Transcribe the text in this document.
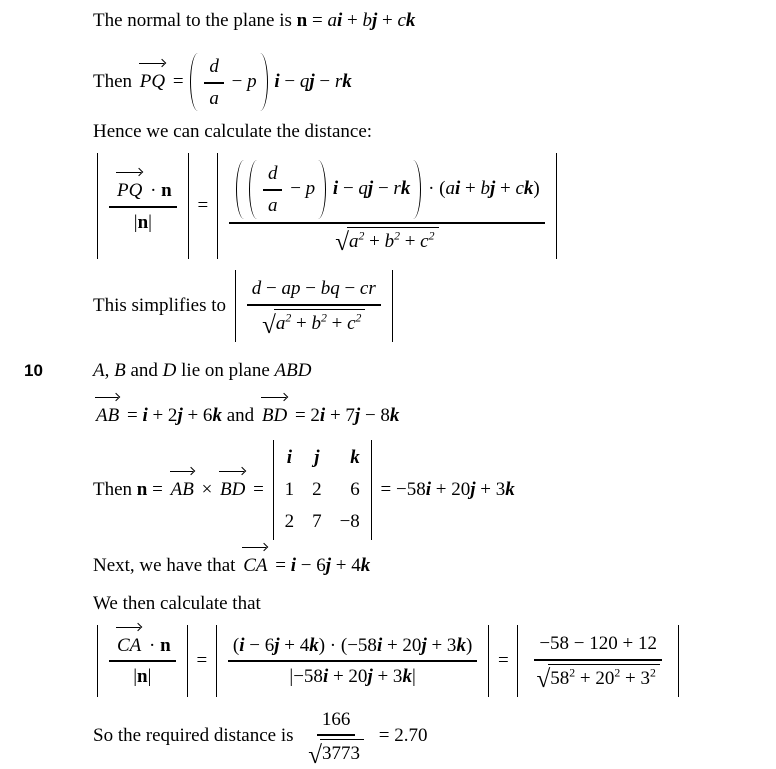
The normal to the plane is n = a i + b j + c k
Then PQ = $\frac{d}{a} - p$
i − q j − r k
Hence we can calculate the distance:
$\frac{PQ \cdot n}{| n |} = \frac{d}{a} - p$
i − q j − r k · ( a i + b j + c k )
√ $a^2 + b^2 + c^2$
This simplifies to $\frac{d - ap - bq - cr}{√ a^2 + b^2 + c^2}$
10	A , B and D lie on plane ABD
AB = i + 2 j + 6 k and BD = 2 i + 7 j − 8 k
Then n = AB × BD =
i j k
1 2 6
2 7 −8
= −58 i + 20 j + 3 k
Next, we have that CA = i − 6 j + 4 k
We then calculate that
$\frac{CA \cdot n}{| n |} = \frac{( i - 6 j + 4 k ) \cdot (-58 i + 20 j + 3 k )}{|-58 i + 20 j + 3 k |} = \frac{-58 - 120 + 12}{√ 58^2 + 20^2 + 3^2}$
So the required distance is $\frac{166}{√ 3773} = 2.70$
